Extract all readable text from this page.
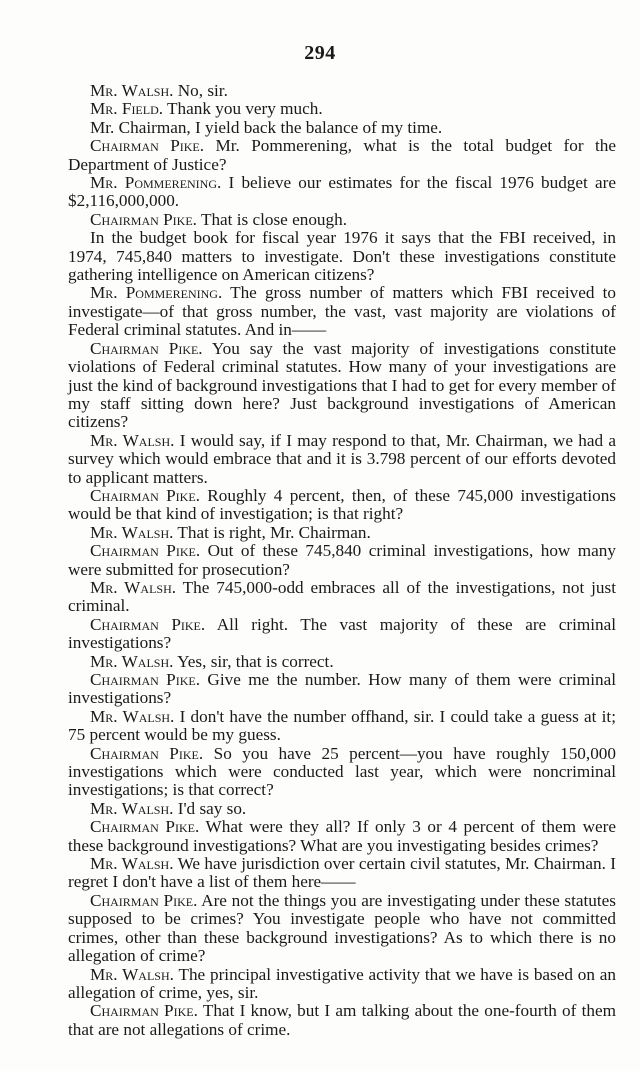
294

Mr. Walsh. No, sir.

Mr. Field. Thank you very much.

Mr. Chairman, I yield back the balance of my time.

Chairman Pike. Mr. Pommerening, what is the total budget for the Department of Justice?

Mr. Pommerening. I believe our estimates for the fiscal 1976 budget are $2,116,000,000.

Chairman Pike. That is close enough.

In the budget book for fiscal year 1976 it says that the FBI received, in 1974, 745,840 matters to investigate. Don't these investigations constitute gathering intelligence on American citizens?

Mr. Pommerening. The gross number of matters which FBI received to investigate—of that gross number, the vast, vast majority are violations of Federal criminal statutes. And in——

Chairman Pike. You say the vast majority of investigations constitute violations of Federal criminal statutes. How many of your investigations are just the kind of background investigations that I had to get for every member of my staff sitting down here? Just background investigations of American citizens?

Mr. Walsh. I would say, if I may respond to that, Mr. Chairman, we had a survey which would embrace that and it is 3.798 percent of our efforts devoted to applicant matters.

Chairman Pike. Roughly 4 percent, then, of these 745,000 investigations would be that kind of investigation; is that right?

Mr. Walsh. That is right, Mr. Chairman.

Chairman Pike. Out of these 745,840 criminal investigations, how many were submitted for prosecution?

Mr. Walsh. The 745,000-odd embraces all of the investigations, not just criminal.

Chairman Pike. All right. The vast majority of these are criminal investigations?

Mr. Walsh. Yes, sir, that is correct.

Chairman Pike. Give me the number. How many of them were criminal investigations?

Mr. Walsh. I don't have the number offhand, sir. I could take a guess at it; 75 percent would be my guess.

Chairman Pike. So you have 25 percent—you have roughly 150,000 investigations which were conducted last year, which were noncriminal investigations; is that correct?

Mr. Walsh. I'd say so.

Chairman Pike. What were they all? If only 3 or 4 percent of them were these background investigations? What are you investigating besides crimes?

Mr. Walsh. We have jurisdiction over certain civil statutes, Mr. Chairman. I regret I don't have a list of them here——

Chairman Pike. Are not the things you are investigating under these statutes supposed to be crimes? You investigate people who have not committed crimes, other than these background investigations? As to which there is no allegation of crime?

Mr. Walsh. The principal investigative activity that we have is based on an allegation of crime, yes, sir.

Chairman Pike. That I know, but I am talking about the one-fourth of them that are not allegations of crime.
